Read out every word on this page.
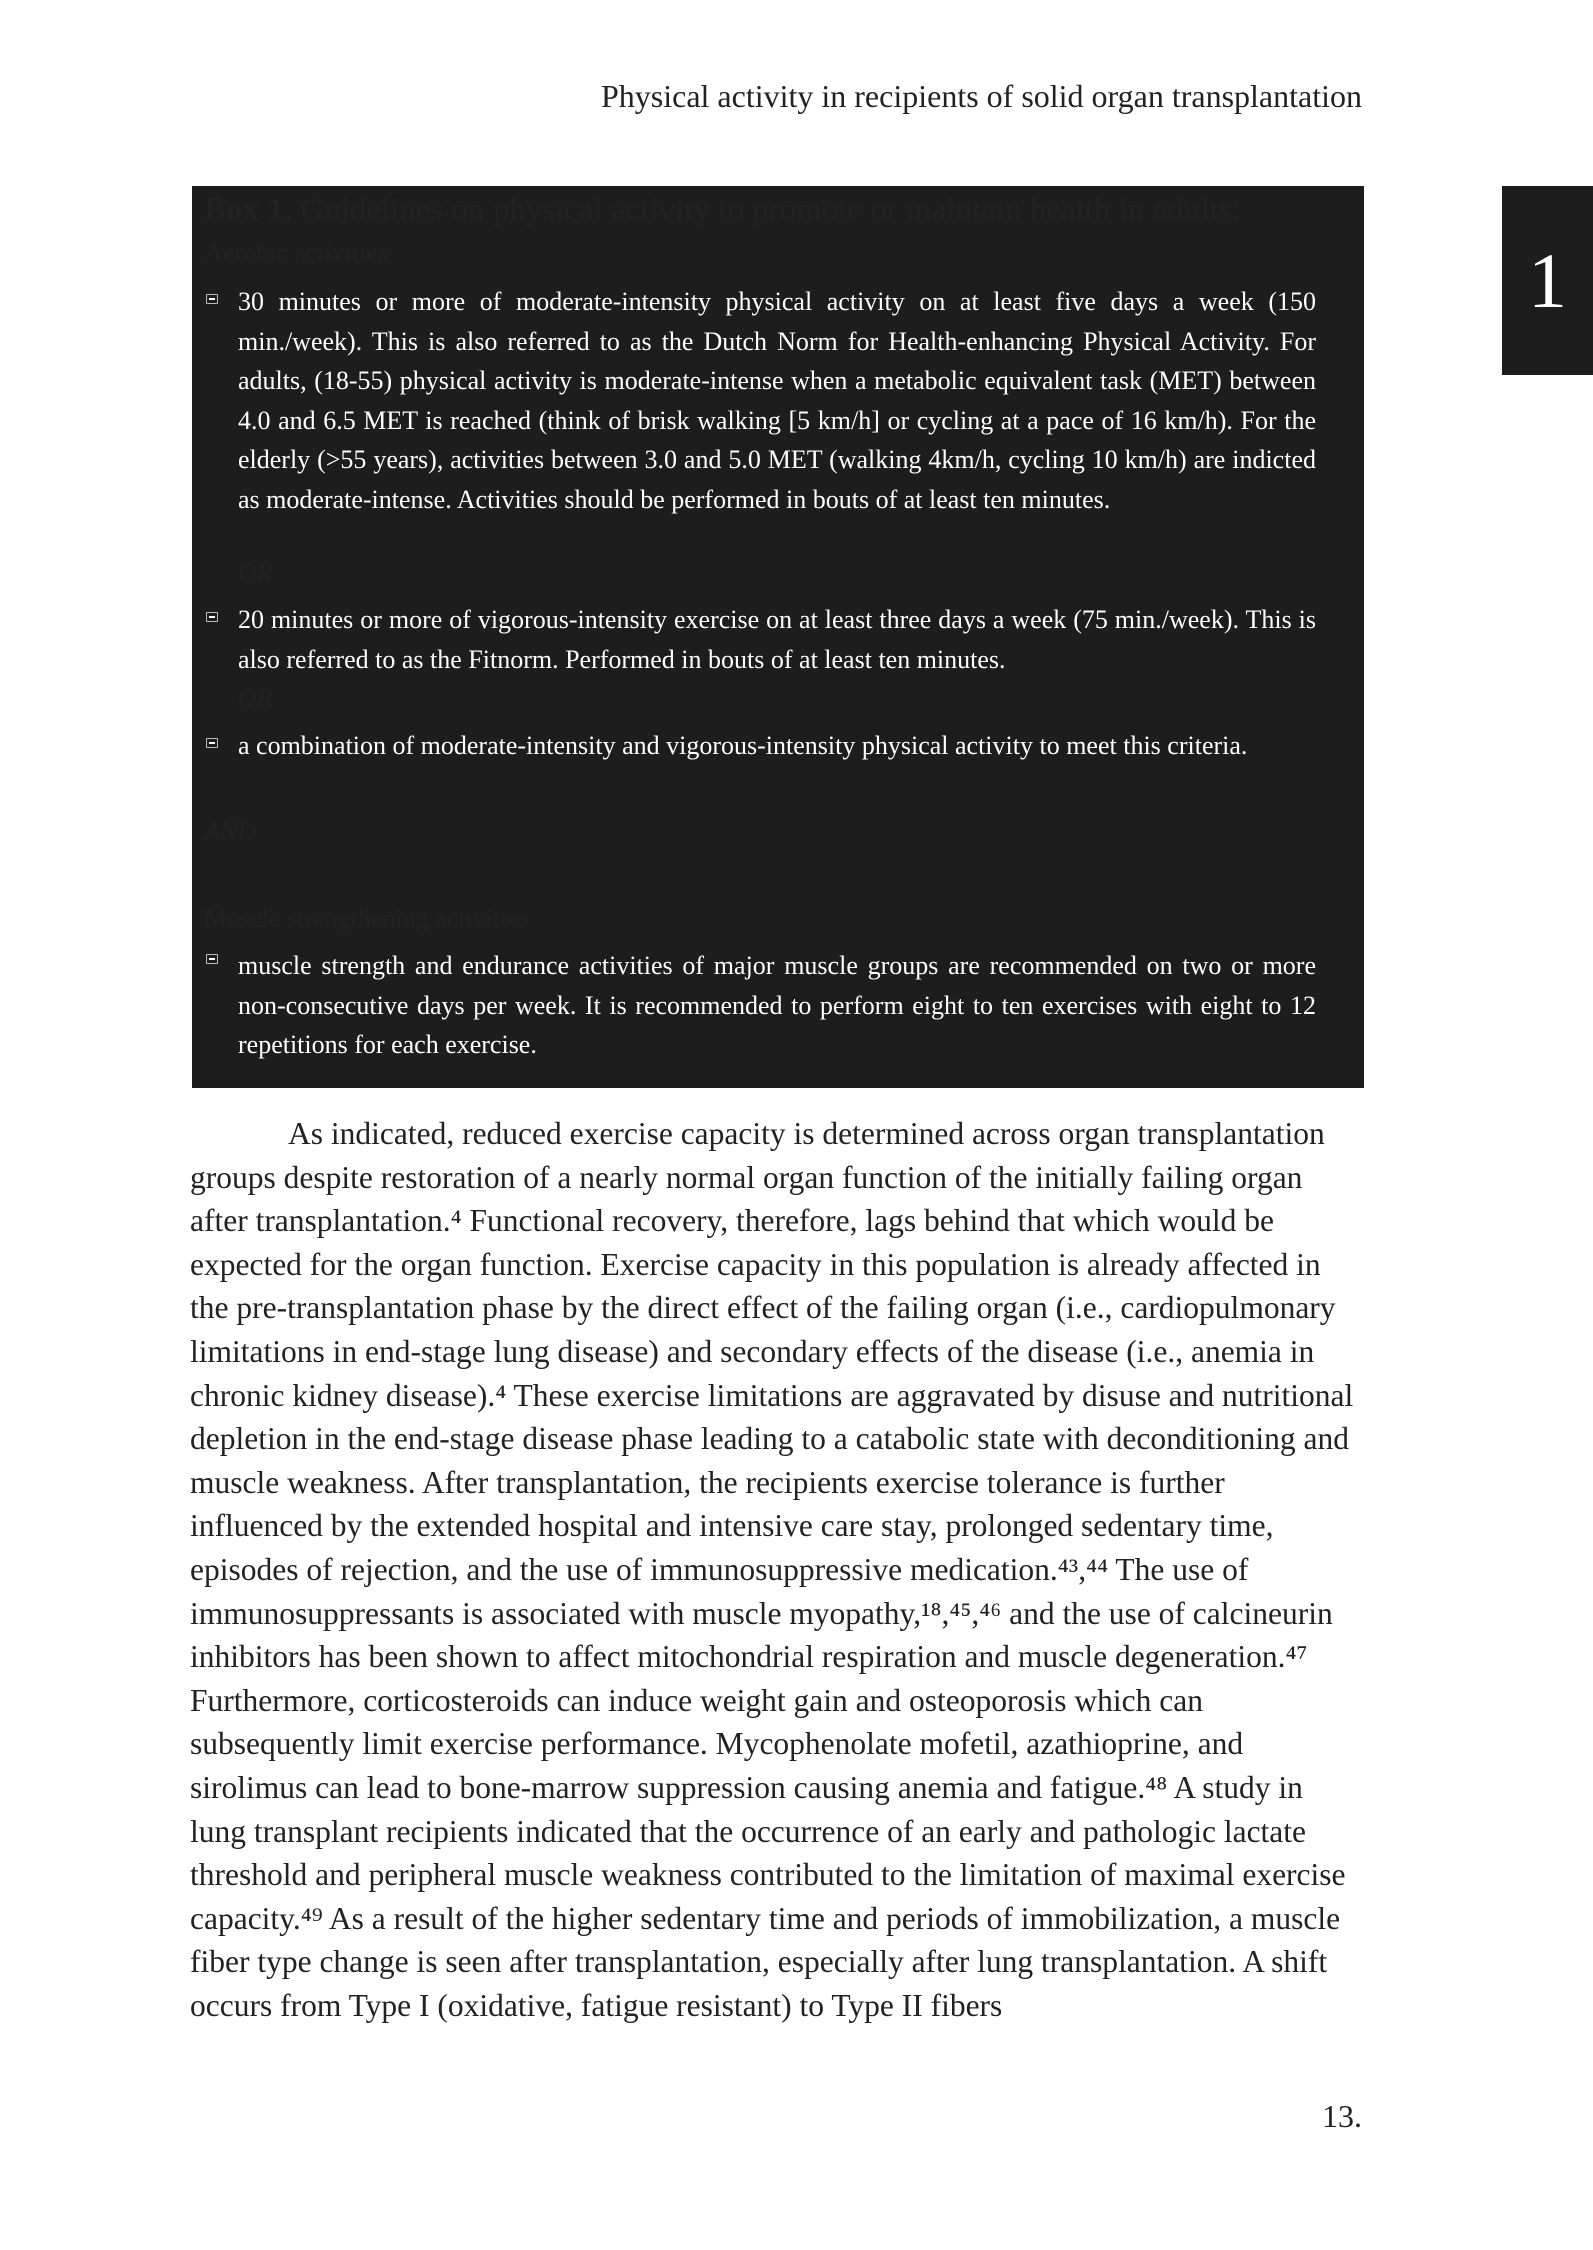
Physical activity in recipients of solid organ transplantation
1
Box 1. Guidelines on physical activity to promote or maintain health in adults:
Aerobic activities
30 minutes or more of moderate-intensity physical activity on at least five days a week (150 min./week). This is also referred to as the Dutch Norm for Health-enhancing Physical Activity. For adults, (18-55) physical activity is moderate-intense when a metabolic equivalent task (MET) between 4.0 and 6.5 MET is reached (think of brisk walking [5 km/h] or cycling at a pace of 16 km/h). For the elderly (>55 years), activities between 3.0 and 5.0 MET (walking 4km/h, cycling 10 km/h) are indicted as moderate-intense. Activities should be performed in bouts of at least ten minutes.
OR
20 minutes or more of vigorous-intensity exercise on at least three days a week (75 min./week). This is also referred to as the Fitnorm. Performed in bouts of at least ten minutes.
OR
a combination of moderate-intensity and vigorous-intensity physical activity to meet this criteria.
AND
Muscle strengthening activities
muscle strength and endurance activities of major muscle groups are recommended on two or more non-consecutive days per week. It is recommended to perform eight to ten exercises with eight to 12 repetitions for each exercise.

As indicated, reduced exercise capacity is determined across organ transplantation groups despite restoration of a nearly normal organ function of the initially failing organ after transplantation.⁴ Functional recovery, therefore, lags behind that which would be expected for the organ function. Exercise capacity in this population is already affected in the pre-transplantation phase by the direct effect of the failing organ (i.e., cardiopulmonary limitations in end-stage lung disease) and secondary effects of the disease (i.e., anemia in chronic kidney disease).⁴ These exercise limitations are aggravated by disuse and nutritional depletion in the end-stage disease phase leading to a catabolic state with deconditioning and muscle weakness. After transplantation, the recipients exercise tolerance is further influenced by the extended hospital and intensive care stay, prolonged sedentary time, episodes of rejection, and the use of immunosuppressive medication.⁴³,⁴⁴ The use of immunosuppressants is associated with muscle myopathy,¹⁸,⁴⁵,⁴⁶ and the use of calcineurin inhibitors has been shown to affect mitochondrial respiration and muscle degeneration.⁴⁷ Furthermore, corticosteroids can induce weight gain and osteoporosis which can subsequently limit exercise performance. Mycophenolate mofetil, azathioprine, and sirolimus can lead to bone-marrow suppression causing anemia and fatigue.⁴⁸ A study in lung transplant recipients indicated that the occurrence of an early and pathologic lactate threshold and peripheral muscle weakness contributed to the limitation of maximal exercise capacity.⁴⁹ As a result of the higher sedentary time and periods of immobilization, a muscle fiber type change is seen after transplantation, especially after lung transplantation. A shift occurs from Type I (oxidative, fatigue resistant) to Type II fibers

13.
